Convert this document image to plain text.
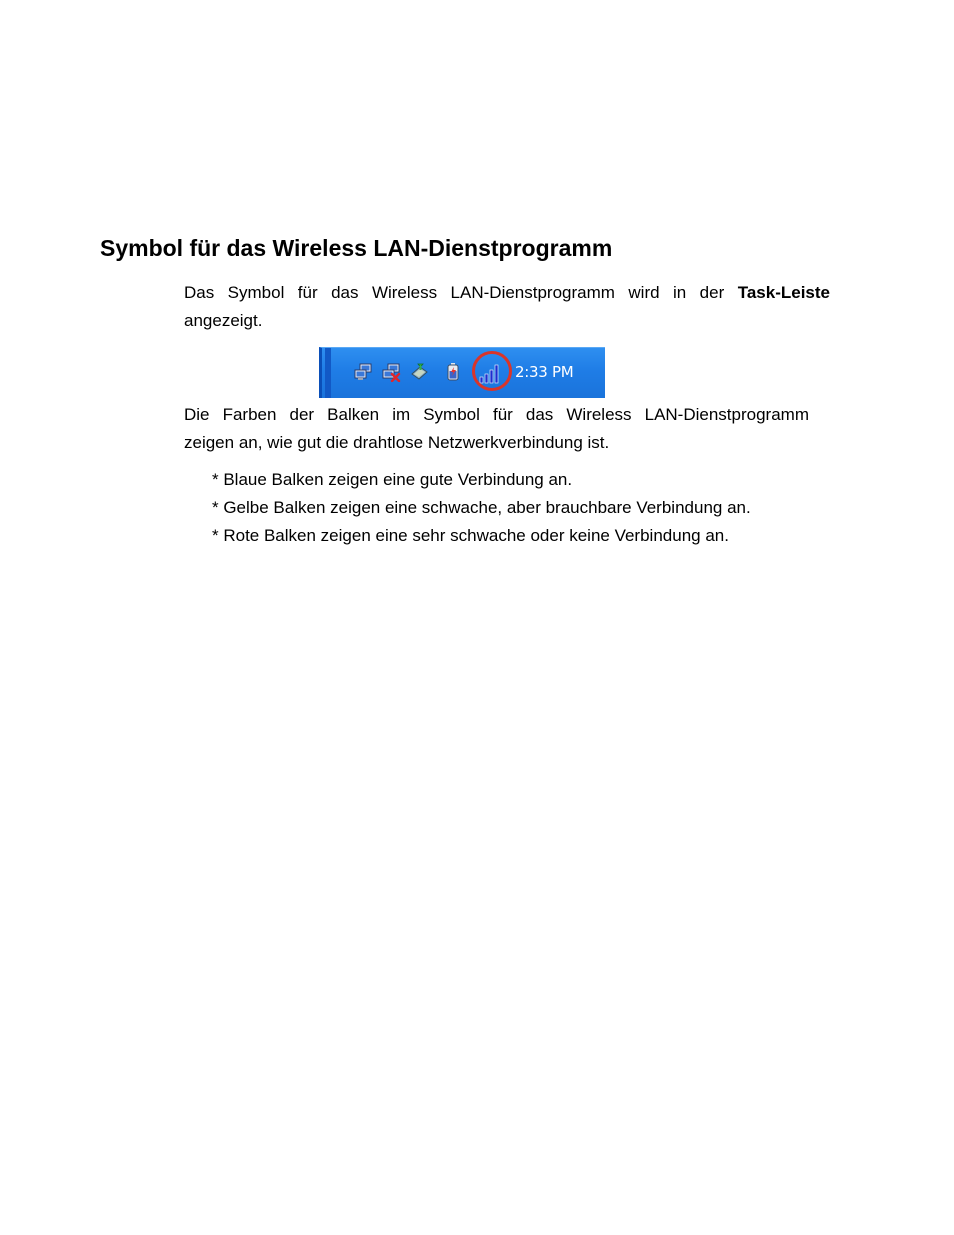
Symbol für das Wireless LAN-Dienstprogramm

Das Symbol für das Wireless LAN-Dienstprogramm wird in der Task-Leiste
angezeigt.

2:33 PM

Die Farben der Balken im Symbol für das Wireless LAN-Dienstprogramm
zeigen an, wie gut die drahtlose Netzwerkverbindung ist.

* Blaue Balken zeigen eine gute Verbindung an.
* Gelbe Balken zeigen eine schwache, aber brauchbare Verbindung an.
* Rote Balken zeigen eine sehr schwache oder keine Verbindung an.
